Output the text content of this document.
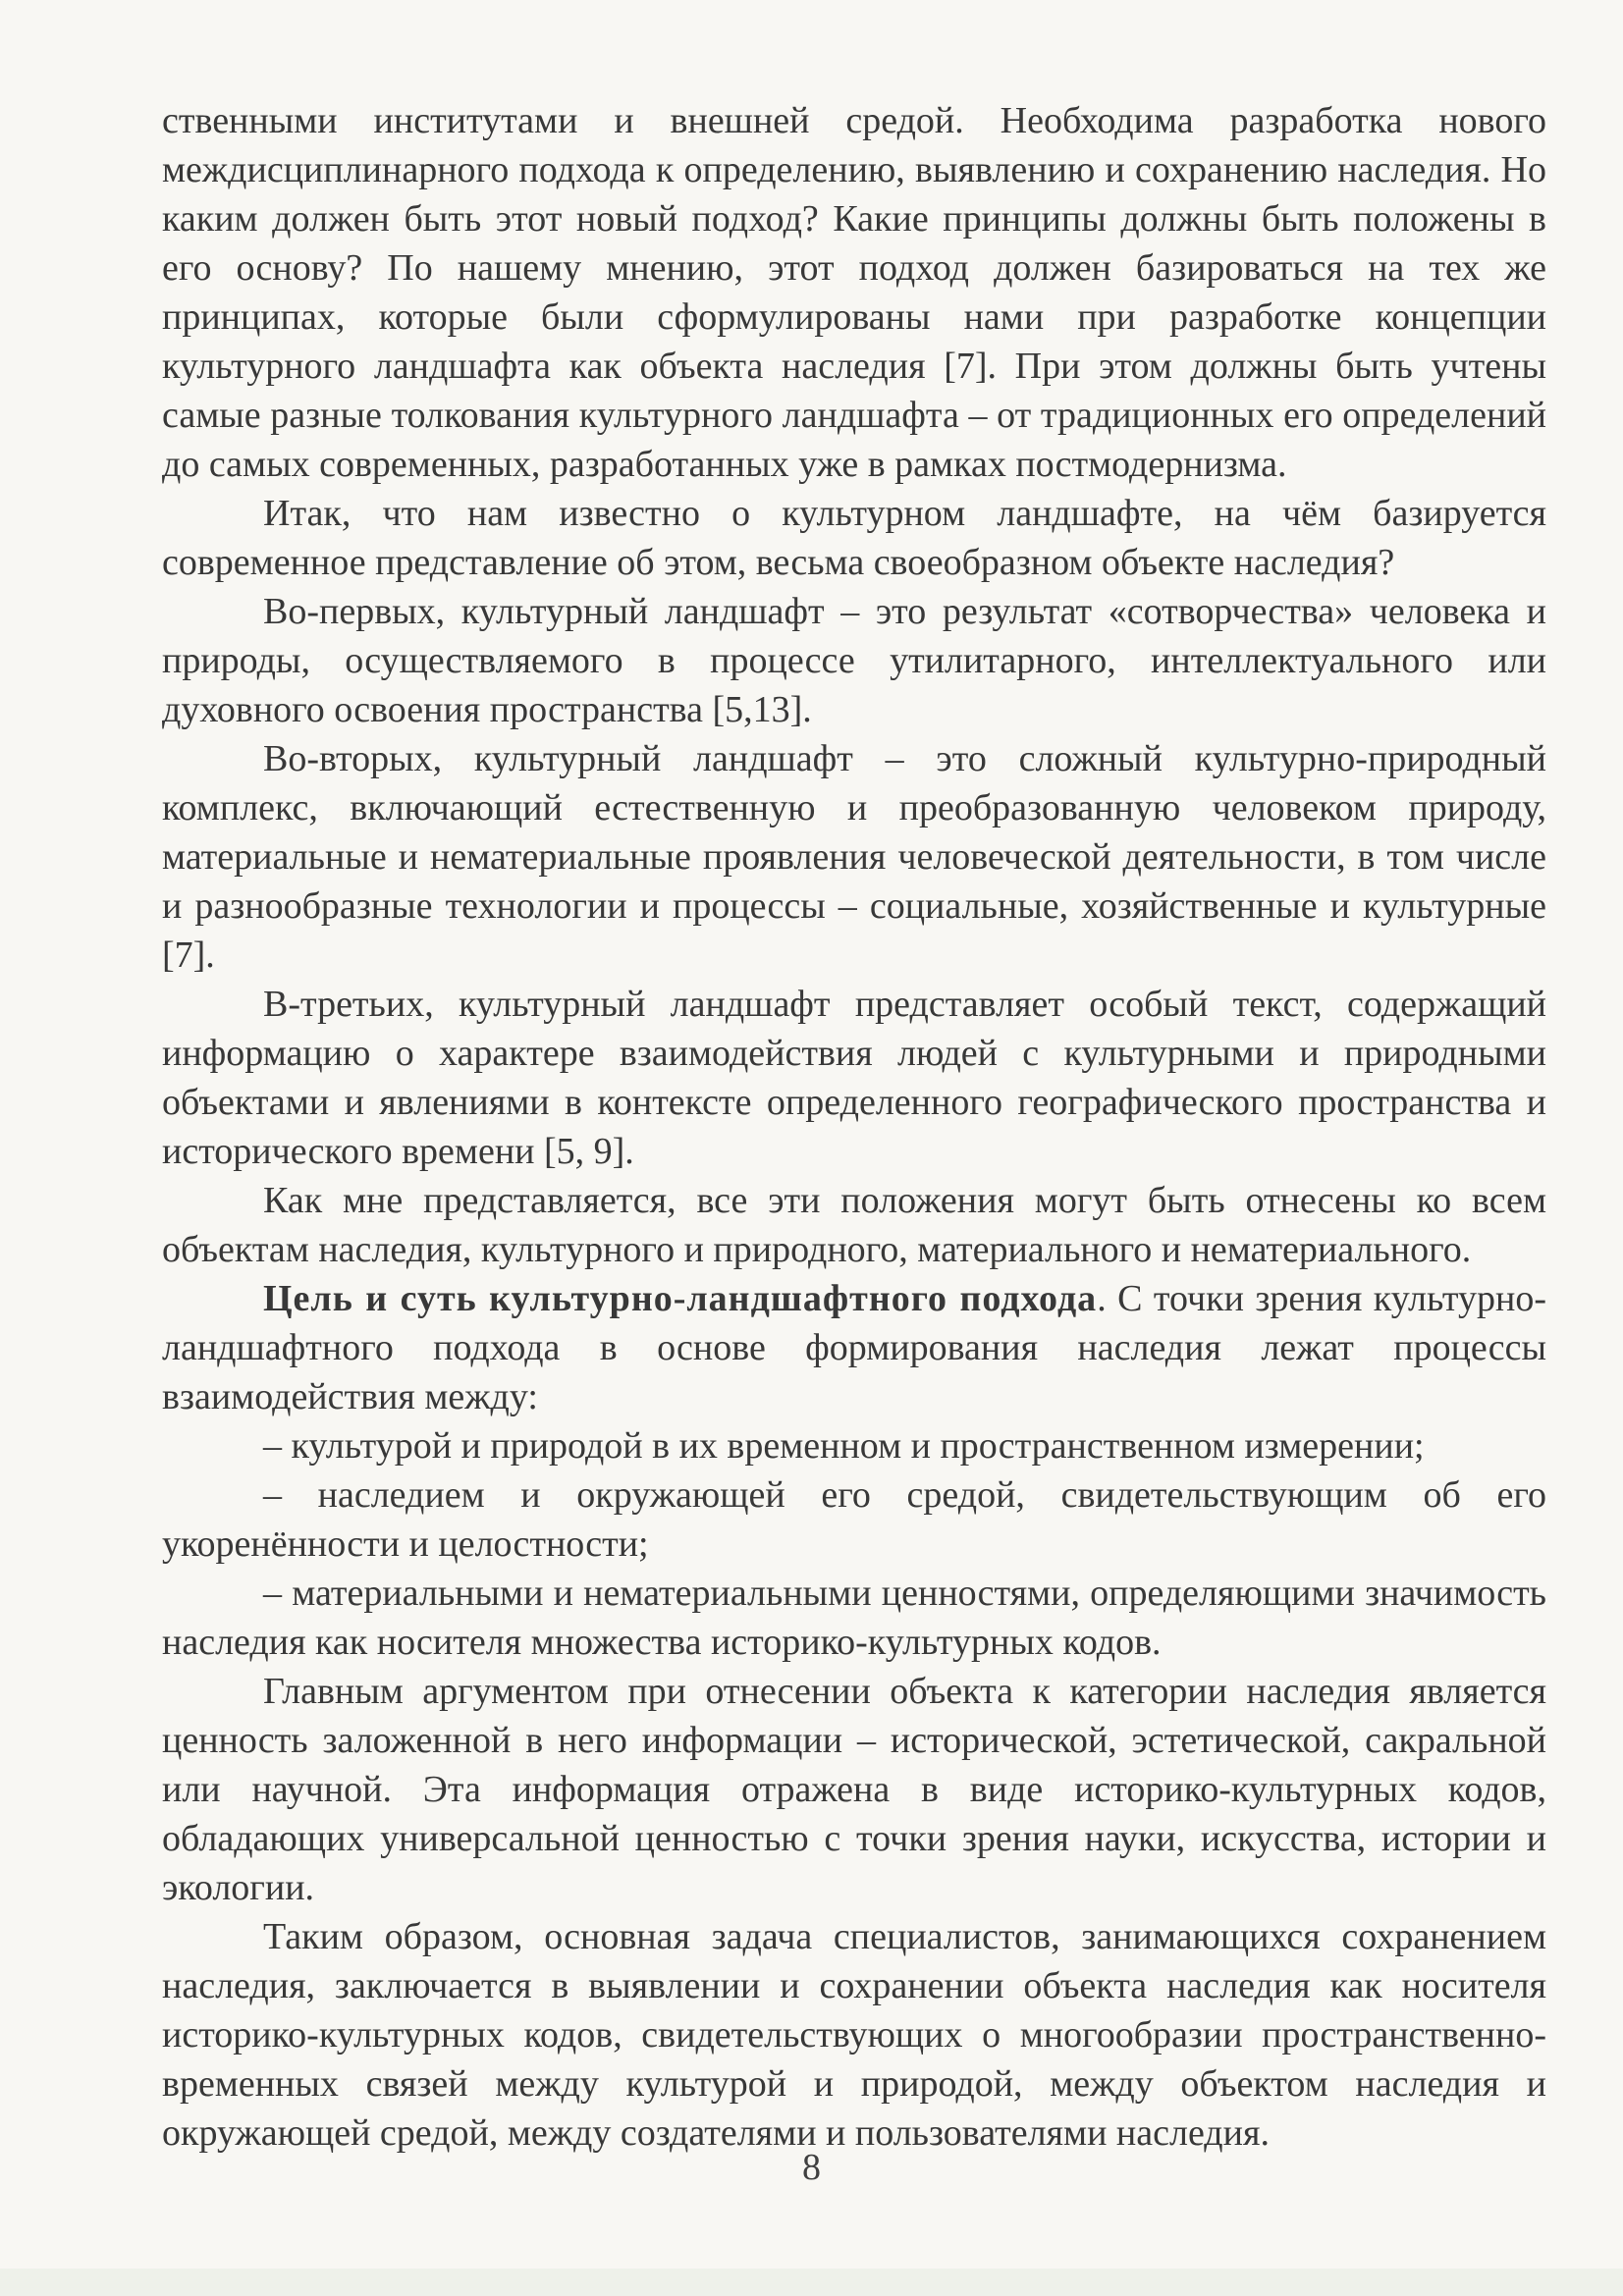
ственными институтами и внешней средой. Необходима разработка нового междисциплинарного подхода к определению, выявлению и сохранению наследия. Но каким должен быть этот новый подход? Какие принципы должны быть положены в его основу? По нашему мнению, этот подход должен базироваться на тех же принципах, которые были сформулированы нами при разработке концепции культурного ландшафта как объекта наследия [7]. При этом должны быть учтены самые разные толкования культурного ландшафта – от традиционных его определений до самых современных, разработанных уже в рамках постмодернизма.

Итак, что нам известно о культурном ландшафте, на чём базируется современное представление об этом, весьма своеобразном объекте наследия?

Во-первых, культурный ландшафт – это результат «сотворчества» человека и природы, осуществляемого в процессе утилитарного, интеллектуального или духовного освоения пространства [5,13].

Во-вторых, культурный ландшафт – это сложный культурно-природный комплекс, включающий естественную и преобразованную человеком природу, материальные и нематериальные проявления человеческой деятельности, в том числе и разнообразные технологии и процессы – социальные, хозяйственные и культурные [7].

В-третьих, культурный ландшафт представляет особый текст, содержащий информацию о характере взаимодействия людей с культурными и природными объектами и явлениями в контексте определенного географического пространства и исторического времени [5, 9].

Как мне представляется, все эти положения могут быть отнесены ко всем объектам наследия, культурного и природного, материального и нематериального.

Цель и суть культурно-ландшафтного подхода. С точки зрения культурно-ландшафтного подхода в основе формирования наследия лежат процессы взаимодействия между:

– культурой и природой в их временном и пространственном измерении;

– наследием и окружающей его средой, свидетельствующим об его укоренённости и целостности;

– материальными и нематериальными ценностями, определяющими значимость наследия как носителя множества историко-культурных кодов.

Главным аргументом при отнесении объекта к категории наследия является ценность заложенной в него информации – исторической, эстетической, сакральной или научной. Эта информация отражена в виде историко-культурных кодов, обладающих универсальной ценностью с точки зрения науки, искусства, истории и экологии.

Таким образом, основная задача специалистов, занимающихся сохранением наследия, заключается в выявлении и сохранении объекта наследия как носителя историко-культурных кодов, свидетельствующих о многообразии пространственно-временных связей между культурой и природой, между объектом наследия и окружающей средой, между создателями и пользователями наследия.

8
